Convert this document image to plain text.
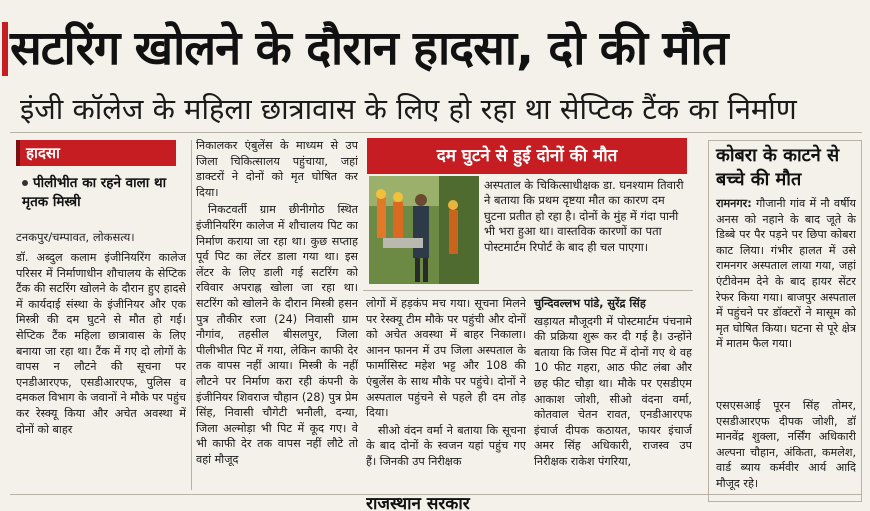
सटरिंग खोलने के दौरान हादसा, दो की मौत
इंजी कॉलेज के महिला छात्रावास के लिए हो रहा था सेप्टिक टैंक का निर्माण
हादसा
पीलीभीत का रहने वाला था मृतक मिस्त्री
टनकपुर/चम्पावत, लोकसत्य।

डॉ. अब्दुल कलाम इंजीनियरिंग कालेज परिसर में निर्माणाधीन शौचालय के सेप्टिक टैंक की सटरिंग खोलने के दौरान हुए हादसे में कार्यदाई संस्था के इंजीनियर और एक मिस्त्री की दम घुटने से मौत हो गई। सेप्टिक टैंक महिला छात्रावास के लिए बनाया जा रहा था। टैंक में गए दो लोगों के वापस न लौटने की सूचना पर एनडीआरएफ, एसडीआरएफ, पुलिस व दमकल विभाग के जवानों ने मौके पर पहुंच कर रेस्क्यू किया और अचेत अवस्था में दोनों को बाहर

निकालकर एंबुलेंस के माध्यम से उप जिला चिकित्सालय पहुंचाया, जहां डाक्टरों ने दोनों को मृत घोषित कर दिया।

निकटवर्ती ग्राम छीनीगोठ स्थित इंजीनियरिंग कालेज में शौचालय पिट का निर्माण कराया जा रहा था। कुछ सप्ताह पूर्व पिट का लेंटर डाला गया था। इस लेंटर के लिए डाली गई सटरिंग को रविवार अपराह्न खोला जा रहा था। सटरिंग को खोलने के दौरान मिस्त्री हसन पुत्र तौकीर रजा (24) निवासी ग्राम नौगांव, तहसील बीसलपुर, जिला पीलीभीत पिट में गया, लेकिन काफी देर तक वापस नहीं आया। मिस्त्री के नहीं लौटने पर निर्माण करा रही कंपनी के इंजीनियर शिवराज चौहान (28) पुत्र प्रेम सिंह, निवासी चौगेटी भनौली, दन्या, जिला अल्मोड़ा भी पिट में कूद गए। वे भी काफी देर तक वापस नहीं लौटे तो वहां मौजूद

दम घुटने से हुई दोनों की मौत
अस्पताल के चिकित्साधीक्षक डा. घनश्याम तिवारी ने बताया कि प्रथम दृष्टया मौत का कारण दम घुटना प्रतीत हो रहा है। दोनों के मुंह में गंदा पानी भी भरा हुआ था। वास्तविक कारणों का पता पोस्टमार्टम रिपोर्ट के बाद ही चल पाएगा।

लोगों में हड़कंप मच गया। सूचना मिलने पर रेस्क्यू टीम मौके पर पहुंची और दोनों को अचेत अवस्था में बाहर निकाला। आनन फानन में उप जिला अस्पताल के फार्मासिस्ट महेश भट्ट और 108 की एंबुलेंस के साथ मौके पर पहुंचे। दोनों ने अस्पताल पहुंचने से पहले ही दम तोड़ दिया।

सीओ वंदन वर्मा ने बताया कि सूचना के बाद दोनों के स्वजन यहां पहुंच गए हैं। जिनकी उप निरीक्षक

चुन्दिवल्लभ पांडे, सुरेंद्र सिंह

खड़ायत मौजूदगी में पोस्टमार्टम पंचनामे की प्रक्रिया शुरू कर दी गई है। उन्होंने बताया कि जिस पिट में दोनों गए थे वह 10 फीट गहरा, आठ फीट लंबा और छह फीट चौड़ा था। मौके पर एसडीएम आकाश जोशी, सीओ वंदना वर्मा, कोतवाल चेतन रावत, एनडीआरएफ इंचार्ज दीपक कठायत, फायर इंचार्ज अमर सिंह अधिकारी, राजस्व उप निरीक्षक राकेश पंगरिया,

कोबरा के काटने से बच्चे की मौत

रामनगर: गौजानी गांव में नौ वर्षीय अनस को नहाने के बाद जूते के डिब्बे पर पैर पड़ने पर छिपा कोबरा काट लिया। गंभीर हालत में उसे रामनगर अस्पताल लाया गया, जहां एंटीवेनम देने के बाद हायर सेंटर रेफर किया गया। बाजपुर अस्पताल में पहुंचने पर डॉक्टरों ने मासूम को मृत घोषित किया। घटना से पूरे क्षेत्र में मातम फैल गया।

एसएसआई पूरन सिंह तोमर, एसडीआरएफ दीपक जोशी, डॉ मानवेंद्र शुक्ला, नर्सिंग अधिकारी अल्पना चौहान, अंकिता, कमलेश, वार्ड ब्याय कर्मवीर आर्य आदि मौजूद रहे।

राजस्थान सरकार
